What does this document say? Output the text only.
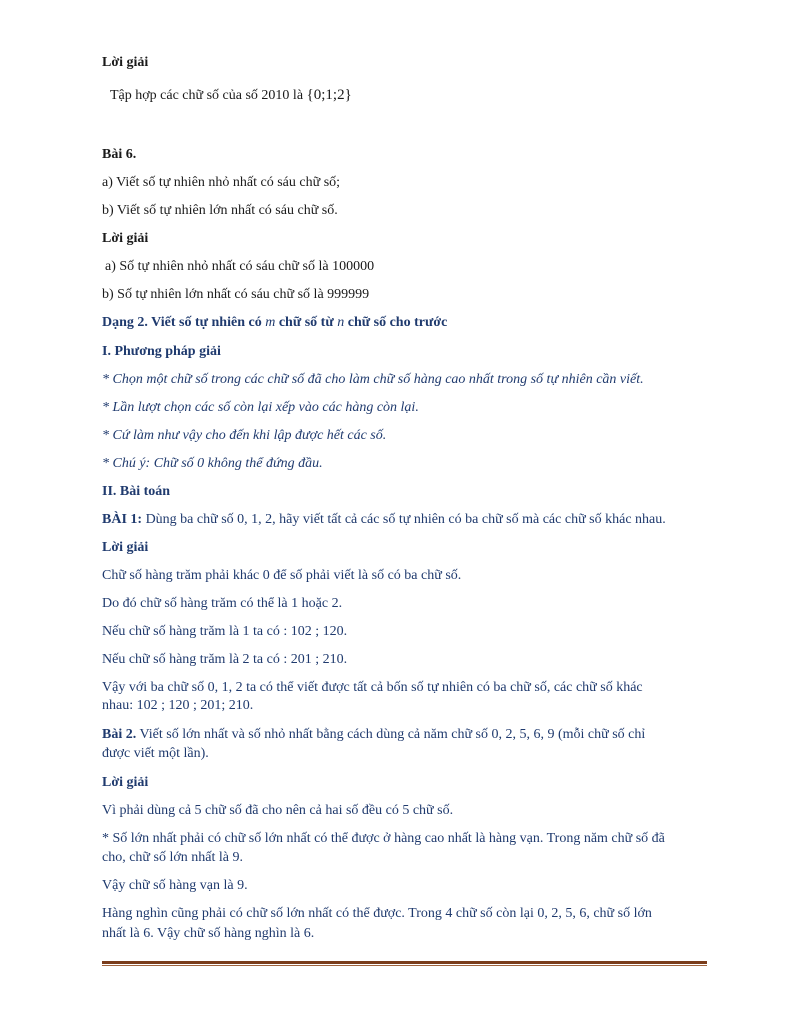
Lời giải
Tập hợp các chữ số của số 2010 là {0;1;2}
Bài 6.
a) Viết số tự nhiên nhỏ nhất có sáu chữ số;
b) Viết số tự nhiên lớn nhất có sáu chữ số.
Lời giải
a) Số tự nhiên nhỏ nhất có sáu chữ số là 100000
b) Số tự nhiên lớn nhất có sáu chữ số là 999999
Dạng 2. Viết số tự nhiên có m chữ số từ n chữ số cho trước
I. Phương pháp giải
* Chọn một chữ số trong các chữ số đã cho làm chữ số hàng cao nhất trong số tự nhiên cần viết.
* Lần lượt chọn các số còn lại xếp vào các hàng còn lại.
* Cứ làm như vậy cho đến khi lập được hết các số.
* Chú ý: Chữ số 0 không thể đứng đầu.
II. Bài toán
BÀI 1: Dùng ba chữ số 0, 1, 2, hãy viết tất cả các số tự nhiên có ba chữ số mà các chữ số khác nhau.
Lời giải
Chữ số hàng trăm phải khác 0 để số phải viết là số có ba chữ số.
Do đó chữ số hàng trăm có thể là 1 hoặc 2.
Nếu chữ số hàng trăm là 1 ta có : 102 ; 120.
Nếu chữ số hàng trăm là 2 ta có : 201 ; 210.
Vậy với ba chữ số 0, 1, 2 ta có thể viết được tất cả bốn số tự nhiên có ba chữ số, các chữ số khác
nhau: 102 ; 120 ; 201; 210.
Bài 2. Viết số lớn nhất và số nhỏ nhất bằng cách dùng cả năm chữ số 0, 2, 5, 6, 9 (mỗi chữ số chỉ
được viết một lần).
Lời giải
Vì phải dùng cả 5 chữ số đã cho nên cả hai số đều có 5 chữ số.
* Số lớn nhất phải có chữ số lớn nhất có thể được ở hàng cao nhất là hàng vạn. Trong năm chữ số đã
cho, chữ số lớn nhất là 9.
Vậy chữ số hàng vạn là 9.
Hàng nghìn cũng phải có chữ số lớn nhất có thể được. Trong 4 chữ số còn lại 0, 2, 5, 6, chữ số lớn
nhất là 6. Vậy chữ số hàng nghìn là 6.
